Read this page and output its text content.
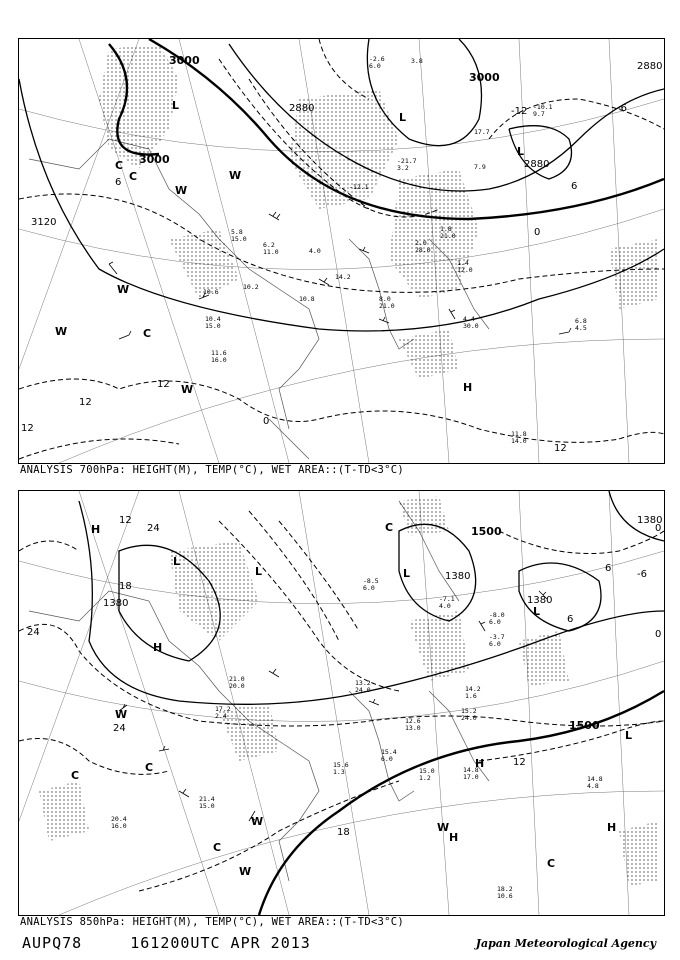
3000
3000
2880
2880
2880
3120
3000
6
0
12
12
12
-6
-12
6
12
0
L
L
L
W
W
C
W
C
W
H
C
W
5.8
15.0
6.2
11.0
10.2
10.8
4.0
10.6
11.6
16.0
10.4
15.0
1.8
21.0
2.0
28.0
4.4
30.0
6.8
4.5
11.8
14.0
-21.7
3.2	7.9
-10.1
9.7
17.7
-12.1
-2.6
6.0
3.8
14.2
1.4
12.0
8.0
21.0
ANALYSIS 700hPa: HEIGHT(M), TEMP(°C), WET AREA::(T-TD<3°C)
1380
1380
1380
1380
1500
1500
12
24
18
24
24
0
-6
6
12
18
6
0
H
L
L	L
H
L
W
C
C
W
C
W
H
H
W	H
L
C
C
21.0
20.0
-8.5
6.0
-7.1
4.0
-3.7
6.0
14.2
1.6
15.4
6.0
15.0
1.2
14.8
17.0	14.8
4.8
18.2
10.6
20.4
16.0
21.4
15.0
17.2
2.4
15.6
1.3
13.2
24.0
-8.0
6.0
15.2
24.0
12.6
13.0
ANALYSIS 850hPa: HEIGHT(M), TEMP(°C), WET AREA::(T-TD<3°C)
AUPQ78	161200UTC APR 2013	Japan Meteorological Agency
